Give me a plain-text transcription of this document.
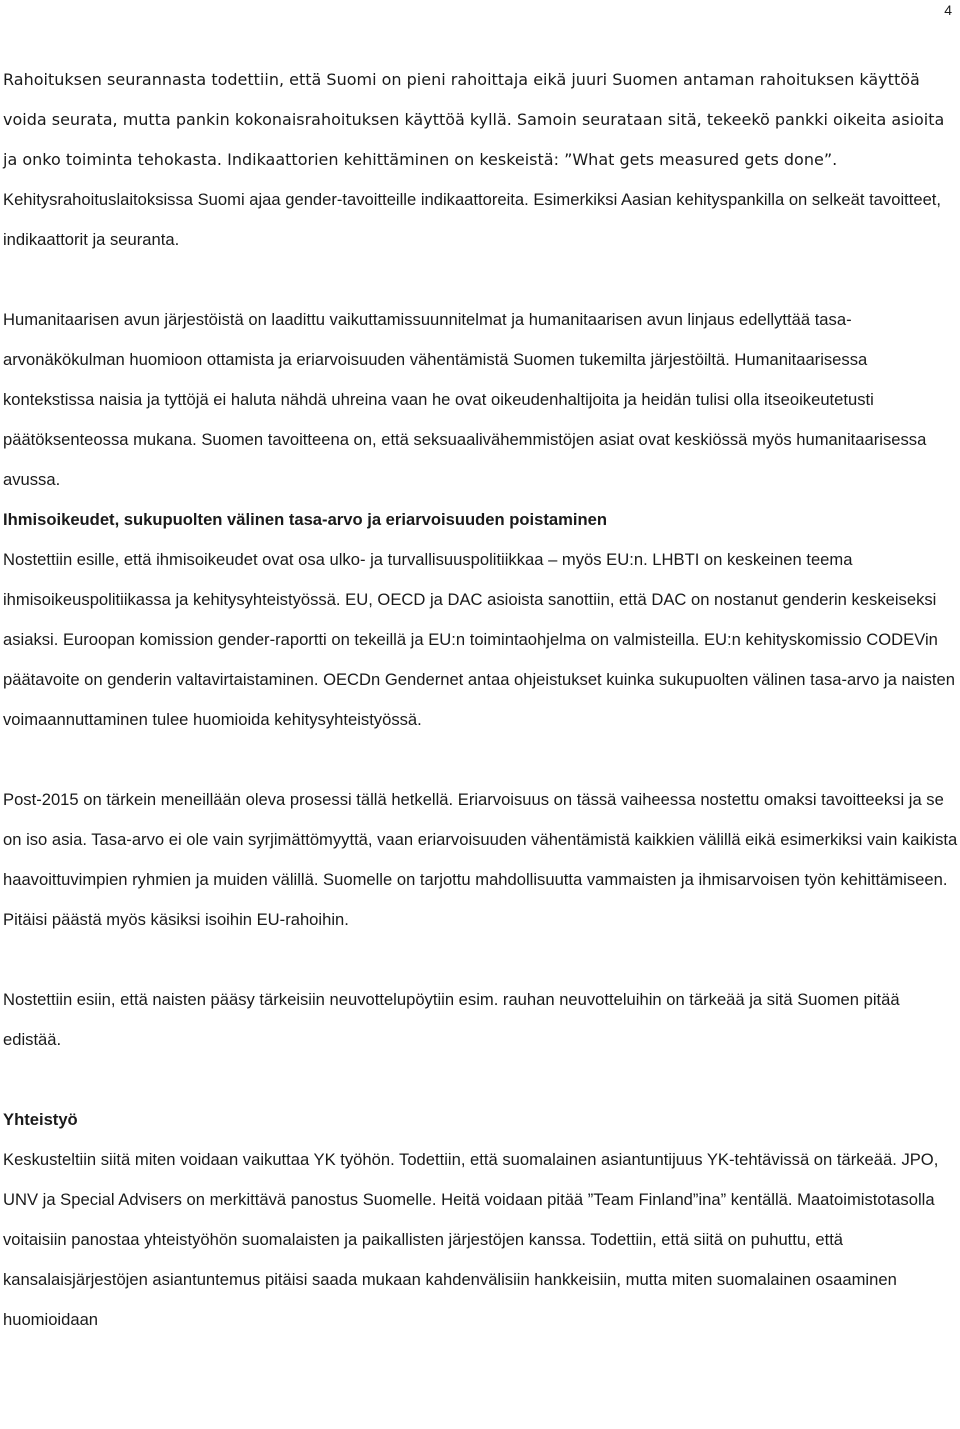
4

Rahoituksen seurannasta todettiin, että Suomi on pieni rahoittaja eikä juuri Suomen antaman rahoituksen käyttöä voida seurata, mutta pankin kokonaisrahoituksen käyttöä kyllä. Samoin seurataan sitä, tekeekö pankki oikeita asioita ja onko toiminta tehokasta. Indikaattorien kehittäminen on keskeistä: ”What gets measured gets done”. Kehitysrahoituslaitoksissa Suomi ajaa gender-tavoitteille indikaattoreita. Esimerkiksi Aasian kehityspankilla on selkeät tavoitteet, indikaattorit ja seuranta.

Humanitaarisen avun järjestöistä on laadittu vaikuttamissuunnitelmat ja humanitaarisen avun linjaus edellyttää tasa-arvonäkökulman huomioon ottamista ja eriarvoisuuden vähentämistä Suomen tukemilta järjestöiltä. Humanitaarisessa kontekstissa naisia ja tyttöjä ei haluta nähdä uhreina vaan he ovat oikeudenhaltijoita ja heidän tulisi olla itseoikeutetusti päätöksenteossa mukana. Suomen tavoitteena on, että seksuaalivähemmistöjen asiat ovat keskiössä myös humanitaarisessa avussa.

Ihmisoikeudet, sukupuolten välinen tasa-arvo ja eriarvoisuuden poistaminen

Nostettiin esille, että ihmisoikeudet ovat osa ulko- ja turvallisuuspolitiikkaa – myös EU:n. LHBTI on keskeinen teema ihmisoikeuspolitiikassa ja kehitysyhteistyössä. EU, OECD ja DAC asioista sanottiin, että DAC on nostanut genderin keskeiseksi asiaksi. Euroopan komission gender-raportti on tekeillä ja EU:n toimintaohjelma on valmisteilla. EU:n kehityskomissio CODEVin päätavoite on genderin valtavirtaistaminen. OECDn Gendernet antaa ohjeistukset kuinka sukupuolten välinen tasa-arvo ja naisten voimaannuttaminen tulee huomioida kehitysyhteistyössä.

Post-2015 on tärkein meneillään oleva prosessi tällä hetkellä. Eriarvoisuus on tässä vaiheessa nostettu omaksi tavoitteeksi ja se on iso asia. Tasa-arvo ei ole vain syrjimättömyyttä, vaan eriarvoisuuden vähentämistä kaikkien välillä eikä esimerkiksi vain kaikista haavoittuvimpien ryhmien ja muiden välillä. Suomelle on tarjottu mahdollisuutta vammaisten ja ihmisarvoisen työn kehittämiseen. Pitäisi päästä myös käsiksi isoihin EU-rahoihin.

Nostettiin esiin, että naisten pääsy tärkeisiin neuvottelupöytiin esim. rauhan neuvotteluihin on tärkeää ja sitä Suomen pitää edistää.

Yhteistyö

Keskusteltiin siitä miten voidaan vaikuttaa YK työhön. Todettiin, että suomalainen asiantuntijuus YK-tehtävissä on tärkeää. JPO, UNV ja Special Advisers on merkittävä panostus Suomelle. Heitä voidaan pitää ”Team Finland”ina” kentällä. Maatoimistotasolla voitaisiin panostaa yhteistyöhön suomalaisten ja paikallisten järjestöjen kanssa. Todettiin, että siitä on puhuttu, että kansalaisjärjestöjen asiantuntemus pitäisi saada mukaan kahdenvälisiin hankkeisiin, mutta miten suomalainen osaaminen huomioidaan
